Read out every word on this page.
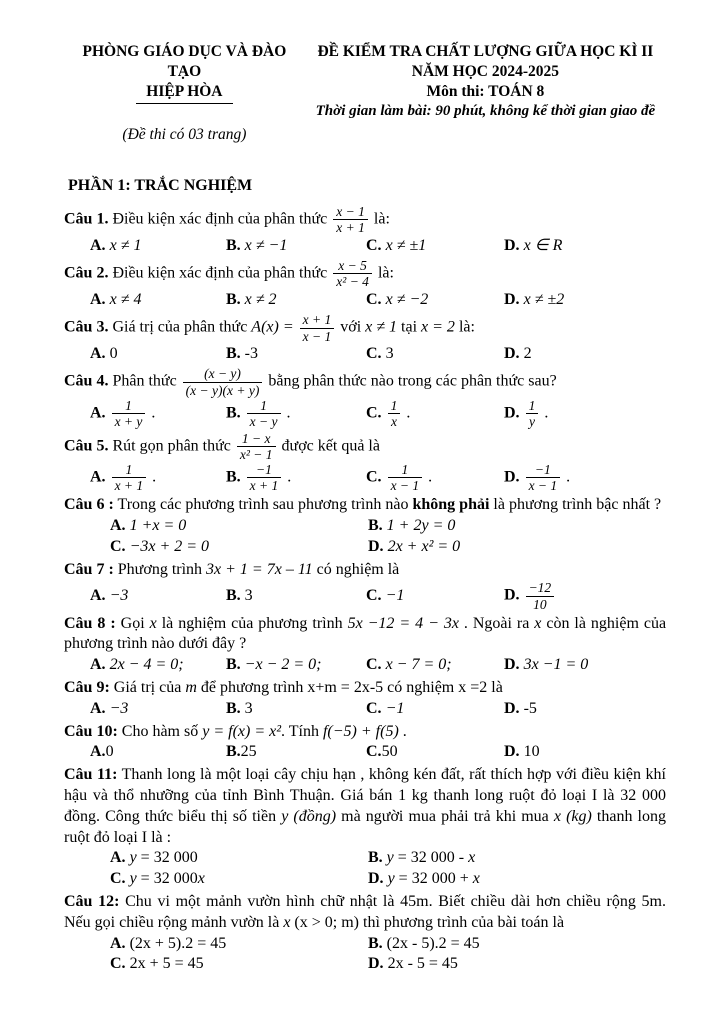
PHÒNG GIÁO DỤC VÀ ĐÀO TẠO
HIỆP HÒA
(Đề thi có 03 trang)
ĐỀ KIỂM TRA CHẤT LƯỢNG GIỮA HỌC KÌ II
NĂM HỌC 2024-2025
Môn thi: TOÁN 8
Thời gian làm bài: 90 phút, không kể thời gian giao đề
PHẦN 1: TRẮC NGHIỆM
Câu 1. Điều kiện xác định của phân thức $\frac{x - 1}{x + 1}$ là:
A. x ≠ 1	B. x ≠ −1	C. x ≠ ±1	D. x ∈ R
Câu 2. Điều kiện xác định của phân thức $\frac{x - 5}{\text{x² − 4}}$ là:
A. x ≠ 4	B. x ≠ 2	C. x ≠ −2	D. x ≠ ±2
Câu 3. Giá trị của phân thức $A(x) = \frac{x + 1}{x - 1}$ với x ≠ 1 tại x = 2 là:
A. 0	B. -3	C. 3	D. 2
Câu 4. Phân thức $\frac{(x - y)}{(x - y)(x + y)}$ bằng phân thức nào trong các phân thức sau?
A. $\frac{1}{x + y}$ .	B. $\frac{1}{x - y}$ .	C. $\frac{1}{x}$ .	D. $\frac{1}{y}$ .
Câu 5. Rút gọn phân thức $\frac{1 - x}{\text{x² − 1}}$ được kết quả là
A. $\frac{1}{x + 1}$ .	B. $\frac{-1}{x + 1}$ .	C. $\frac{1}{x - 1}$ .	D. $\frac{-1}{x - 1}$ .
Câu 6 : Trong các phương trình sau phương trình nào không phải là phương trình bậc nhất ?
A. 1 +x = 0	B. 1 + 2y = 0
C. −3x + 2 = 0	D. 2x + x² = 0
Câu 7 : Phương trình 3x + 1 = 7x – 11 có nghiệm là
A. −3	B. 3	C. −1	D. $\frac{-12}{10}$
Câu 8 : Gọi x là nghiệm của phương trình 5x −12 = 4 − 3x . Ngoài ra x còn là nghiệm của phương trình nào dưới đây ?
A. 2x − 4 = 0;	B. −x − 2 = 0;	C. x − 7 = 0;	D. 3x −1 = 0
Câu 9: Giá trị của m để phương trình x+m = 2x-5 có nghiệm x =2 là
A. −3	B. 3	C. −1	D. -5
Câu 10: Cho hàm số y = f(x) = x². Tính f(−5) + f(5) .
A.0	B.25	C.50	D. 10
Câu 11: Thanh long là một loại cây chịu hạn , không kén đất, rất thích hợp với điều kiện khí hậu và thổ nhưỡng của tỉnh Bình Thuận. Giá bán 1 kg thanh long ruột đỏ loại I là 32 000 đồng. Công thức biểu thị số tiền y (đồng) mà người mua phải trả khi mua x (kg) thanh long ruột đỏ loại I là :
A. y = 32 000	B. y = 32 000 - x
C. y = 32 000x	D. y = 32 000 + x
Câu 12: Chu vi một mảnh vườn hình chữ nhật là 45m. Biết chiều dài hơn chiều rộng 5m. Nếu gọi chiều rộng mảnh vườn là x (x > 0; m) thì phương trình của bài toán là
A. (2x + 5).2 = 45	B. (2x - 5).2 = 45
C. 2x + 5 = 45	D. 2x - 5 = 45
